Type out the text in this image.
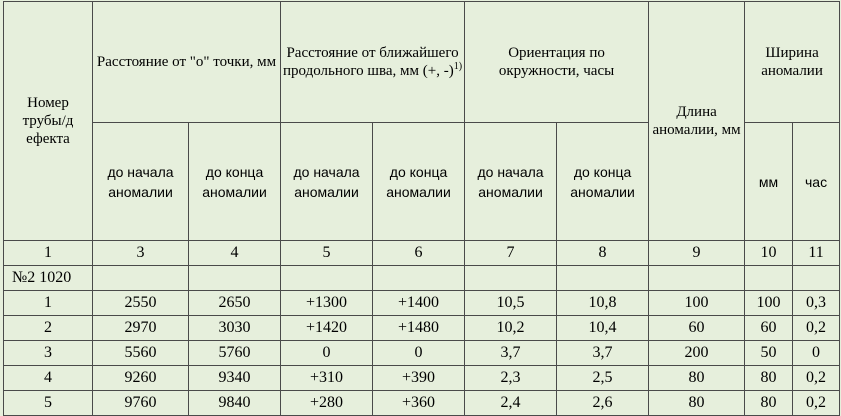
Номер трубы/д ефекта	Расстояние от "о" точки, мм		Расстояние от ближайшего продольного шва, мм (+, -)$^{1)}$		Ориентация по окружности, часы		Длина аномалии, мм	Ширина аномалии	
	до начала аномалии	до конца аномалии	до начала аномалии	до конца аномалии	до начала аномалии	до конца аномалии		мм	час
1	3	4	5	6	7	8	9	10	11
№2 1020									
1	2550	2650	+1300	+1400	10,5	10,8	100	100	0,3
2	2970	3030	+1420	+1480	10,2	10,4	60	60	0,2
3	5560	5760	0	0	3,7	3,7	200	50	0
4	9260	9340	+310	+390	2,3	2,5	80	80	0,2
5	9760	9840	+280	+360	2,4	2,6	80	80	0,2
